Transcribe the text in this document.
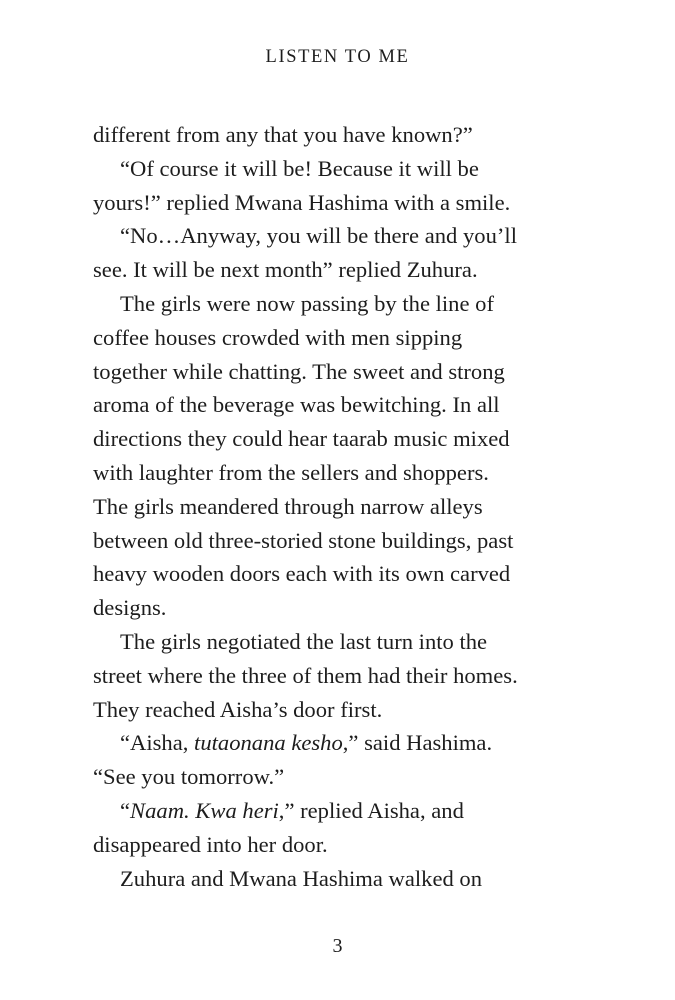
LISTEN TO ME
different from any that you have known?”
“Of course it will be! Because it will be
yours!” replied Mwana Hashima with a smile.
“No…Anyway, you will be there and you’ll
see. It will be next month” replied Zuhura.
The girls were now passing by the line of
coffee houses crowded with men sipping
together while chatting. The sweet and strong
aroma of the beverage was bewitching. In all
directions they could hear taarab music mixed
with laughter from the sellers and shoppers.
The girls meandered through narrow alleys
between old three-storied stone buildings, past
heavy wooden doors each with its own carved
designs.
The girls negotiated the last turn into the
street where the three of them had their homes.
They reached Aisha’s door first.
“Aisha, tutaonana kesho,” said Hashima.
“See you tomorrow.”
“Naam. Kwa heri,” replied Aisha, and
disappeared into her door.
Zuhura and Mwana Hashima walked on
3
